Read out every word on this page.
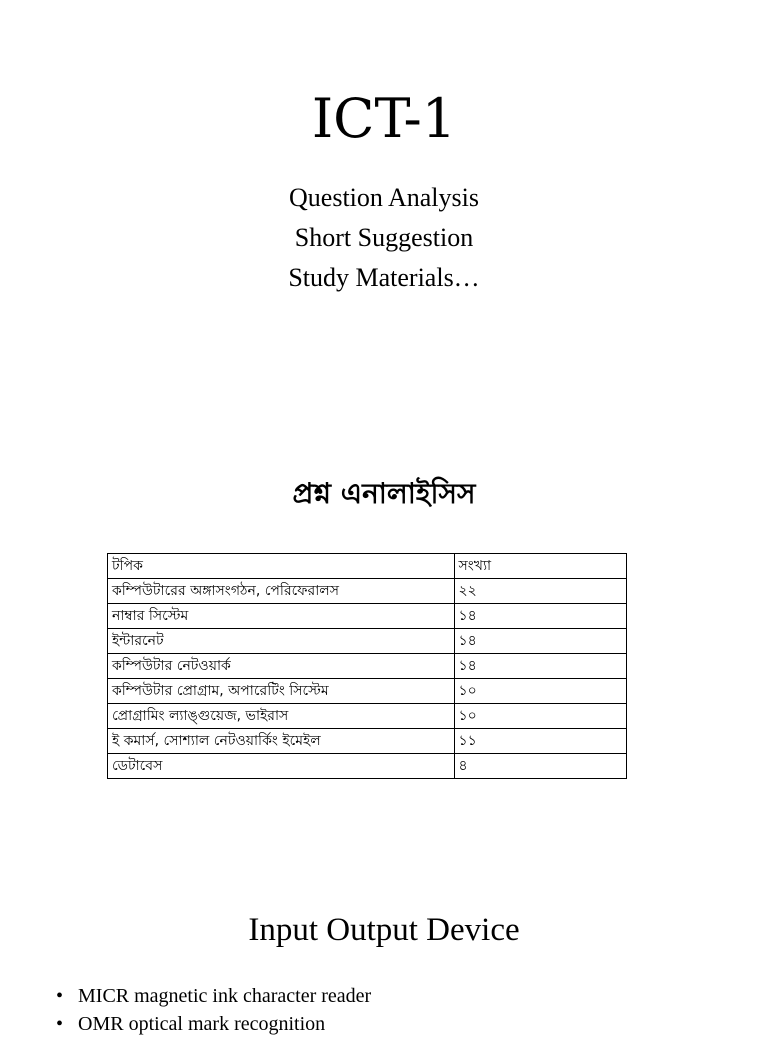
ICT-1
Question Analysis
Short Suggestion
Study Materials…
প্রশ্ন এনালাইসিস
টপিক	সংখ্যা
কম্পিউটারের অঙ্গাসংগঠন, পেরিফেরালস	২২
নাম্বার সিস্টেম	১৪
ইন্টারনেট	১৪
কম্পিউটার নেটওয়ার্ক	১৪
কম্পিউটার প্রোগ্রাম, অপারেটিং সিস্টেম	১০
প্রোগ্রামিং ল্যাঙ্গুয়েজ, ভাইরাস	১০
ই কমার্স, সোশ্যাল নেটওয়ার্কিং ইমেইল	১১
ডেটাবেস	৪
Input Output Device
• MICR magnetic ink character reader
• OMR optical mark recognition
